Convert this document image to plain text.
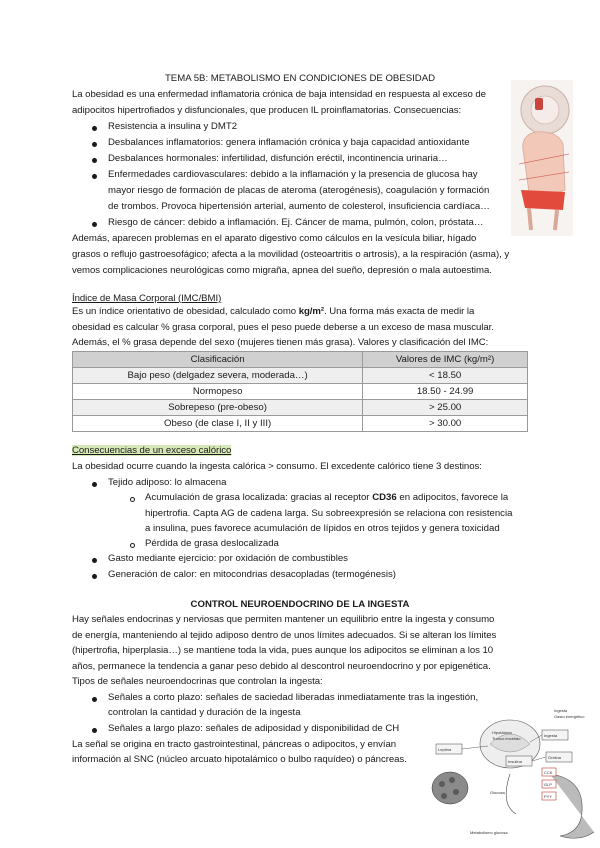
TEMA 5B: METABOLISMO EN CONDICIONES DE OBESIDAD

La obesidad es una enfermedad inflamatoria crónica de baja intensidad en respuesta al exceso de

adipocitos hipertrofiados y disfuncionales, que producen IL proinflamatorias. Consecuencias:

Resistencia a insulina y DMT2

Desbalances inflamatorios: genera inflamación crónica y baja capacidad antioxidante

Desbalances hormonales: infertilidad, disfunción eréctil, incontinencia urinaria…

Enfermedades cardiovasculares: debido a la inflamación y la presencia de glucosa hay

mayor riesgo de formación de placas de ateroma (aterogénesis), coagulación y formación

de trombos. Provoca hipertensión arterial, aumento de colesterol, insuficiencia cardíaca…

Riesgo de cáncer: debido a inflamación. Ej. Cáncer de mama, pulmón, colon, próstata…

Además, aparecen problemas en el aparato digestivo como cálculos en la vesícula biliar, hígado

grasos o reflujo gastroesofágico; afecta a la movilidad (osteoartritis o artrosis), a la respiración (asma), y

vemos complicaciones neurológicas como migraña, apnea del sueño, depresión o mala autoestima.

Índice de Masa Corporal (IMC/BMI)

Es un índice orientativo de obesidad, calculado como kg/m². Una forma más exacta de medir la

obesidad es calcular % grasa corporal, pues el peso puede deberse a un exceso de masa muscular.

Además, el % grasa depende del sexo (mujeres tienen más grasa). Valores y clasificación del IMC:

Clasificación	Valores de IMC (kg/m²)
Bajo peso (delgadez severa, moderada…)	< 18.50
Normopeso	18.50 - 24.99
Sobrepeso (pre-obeso)	> 25.00
Obeso (de clase I, II y III)	> 30.00

Consecuencias de un exceso calórico

La obesidad ocurre cuando la ingesta calórica > consumo. El excedente calórico tiene 3 destinos:

Tejido adiposo: lo almacena

Acumulación de grasa localizada: gracias al receptor CD36 en adipocitos, favorece la

hipertrofia. Capta AG de cadena larga. Su sobreexpresión se relaciona con resistencia

a insulina, pues favorece acumulación de lípidos en otros tejidos y genera toxicidad

Pérdida de grasa deslocalizada

Gasto mediante ejercicio: por oxidación de combustibles

Generación de calor: en mitocondrias desacopladas (termogénesis)

CONTROL NEUROENDOCRINO DE LA INGESTA

Hay señales endocrinas y nerviosas que permiten mantener un equilibrio entre la ingesta y consumo

de energía, manteniendo al tejido adiposo dentro de unos límites adecuados. Si se alteran los límites

(hipertrofia, hiperplasia…) se mantiene toda la vida, pues aunque los adipocitos se eliminan a los 10

años, permanece la tendencia a ganar peso debido al descontrol neuroendocrino y por epigenética.

Tipos de señales neuroendocrinas que controlan la ingesta:

Señales a corto plazo: señales de saciedad liberadas inmediatamente tras la ingestión,

controlan la cantidad y duración de la ingesta

Señales a largo plazo: señales de adiposidad y disponibilidad de CH

La señal se origina en tracto gastrointestinal, páncreas o adipocitos, y envían

información al SNC (núcleo arcuato hipotalámico o bulbo raquídeo) o páncreas.

Leptina
Insulina
Ingesta
Ingesta
Gasto energético
Grelina
Hipotálamo
Tronco encéfalo
CCK
GLP
PYY
Glucosa
Metabolismo glucosa
